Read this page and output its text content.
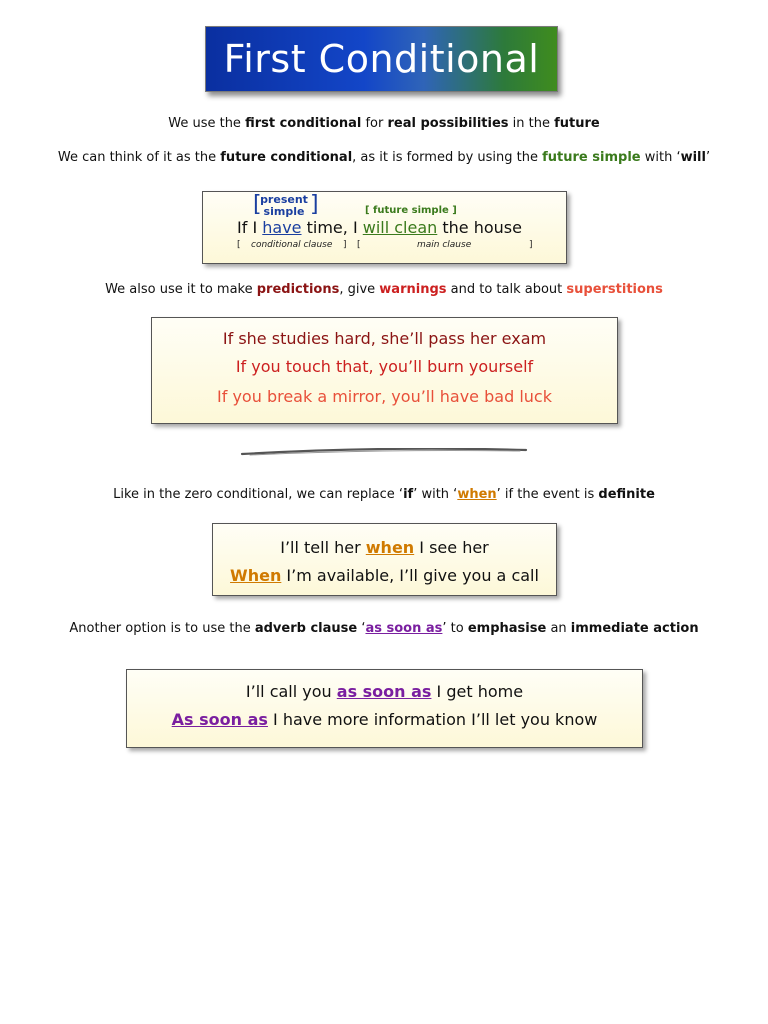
First Conditional
We use the first conditional for real possibilities in the future
We can think of it as the future conditional, as it is formed by using the future simple with ‘will’
[
present
simple ]	[ future simple ]
If I have time, I will clean the house
[ conditional clause ] [	main clause	]
We also use it to make predictions, give warnings and to talk about superstitions
If she studies hard, she’ll pass her exam
If you touch that, you’ll burn yourself
If you break a mirror, you’ll have bad luck
Like in the zero conditional, we can replace ‘if’ with ‘when’ if the event is definite
I’ll tell her when I see her
When I’m available, I’ll give you a call
Another option is to use the adverb clause ‘as soon as’ to emphasise an immediate action
I’ll call you as soon as I get home
As soon as I have more information I’ll let you know
